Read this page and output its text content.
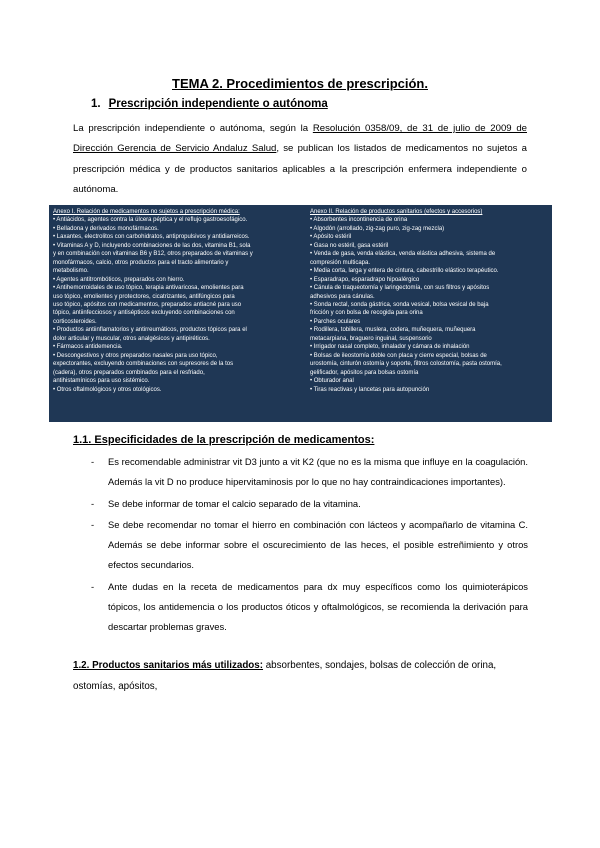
TEMA 2. Procedimientos de prescripción.
1. Prescripción independiente o autónoma
La prescripción independiente o autónoma, según la Resolución 0358/09, de 31 de julio de 2009 de Dirección Gerencia de Servicio Andaluz Salud, se publican los listados de medicamentos no sujetos a prescripción médica y de productos sanitarios aplicables a la prescripción enfermera independiente o autónoma.
Anexo I. Relación de medicamentos no sujetos a prescripción médica:
• Antiácidos, agentes contra la úlcera péptica y el reflujo gastroesofágico.
• Belladona y derivados monofármacos.
• Laxantes, electrolitos con carbohidratos, antipropulsivos y antidiarreicos.
• Vitaminas A y D, incluyendo combinaciones de las dos, vitamina B1, sola
y en combinación con vitaminas B6 y B12, otros preparados de vitaminas y
monofármacos, calcio, otros productos para el tracto alimentario y
metabolismo.
• Agentes antitrombóticos, preparados con hierro.
• Antihemorroidales de uso tópico, terapia antivaricosa, emolientes para
uso tópico, emolientes y protectores, cicatrizantes, antifúngicos para
uso tópico, apósitos con medicamentos, preparados antiacné para uso
tópico, antiinfecciosos y antisépticos excluyendo combinaciones con
corticosteroides.
• Productos antiinflamatorios y antirreumáticos, productos tópicos para el
dolor articular y muscular, otros analgésicos y antipiréticos.
• Fármacos antidemencia.
• Descongestivos y otros preparados nasales para uso tópico,
expectorantes, excluyendo combinaciones con supresores de la tos
(cadera), otros preparados combinados para el resfriado,
antihistamínicos para uso sistémico.
• Otros oftalmológicos y otros otológicos.
Anexo II. Relación de productos sanitarios (efectos y accesorios)
• Absorbentes incontinencia de orina
• Algodón (arrollado, zig-zag puro, zig-zag mezcla)
• Apósito estéril
• Gasa no estéril, gasa estéril
• Venda de gasa, venda elástica, venda elástica adhesiva, sistema de
compresión multicapa.
• Media corta, larga y entera de cintura, cabestrillo elástico terapéutico.
• Esparadrapo, esparadrapo hipoalérgico
• Cánula de traqueotomía y laringectomía, con sus filtros y apósitos
adhesivos para cánulas.
• Sonda rectal, sonda gástrica, sonda vesical, bolsa vesical de baja
fricción y con bolsa de recogida para orina
• Parches oculares
• Rodillera, tobillera, muslera, codera, muñequera, muñequera
metacarpiana, braguero inguinal, suspensorio
• Irrigador nasal completo, inhalador y cámara de inhalación
• Bolsas de ileostomía doble con placa y cierre especial, bolsas de
urostomía, cinturón ostomía y soporte, filtros colostomía, pasta ostomía,
gelificador, apósitos para bolsas ostomía
• Obturador anal
• Tiras reactivas y lancetas para autopunción
1.1. Especificidades de la prescripción de medicamentos:
- Es recomendable administrar vit D3 junto a vit K2 (que no es la misma que influye en la coagulación. Además la vit D no produce hipervitaminosis por lo que no hay contraindicaciones importantes).
- Se debe informar de tomar el calcio separado de la vitamina.
- Se debe recomendar no tomar el hierro en combinación con lácteos y acompañarlo de vitamina C. Además se debe informar sobre el oscurecimiento de las heces, el posible estreñimiento y otros efectos secundarios.
- Ante dudas en la receta de medicamentos para dx muy específicos como los quimioterápicos tópicos, los antidemencia o los productos óticos y oftalmológicos, se recomienda la derivación para descartar problemas graves.
1.2. Productos sanitarios más utilizados: absorbentes, sondajes, bolsas de colección de orina, ostomías, apósitos,
